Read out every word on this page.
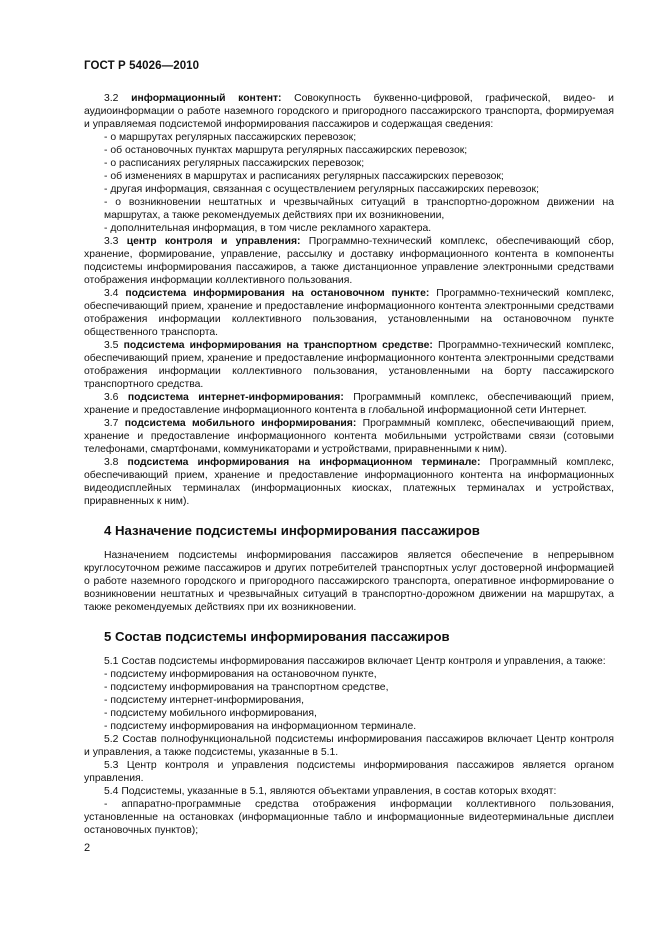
ГОСТ Р 54026—2010

3.2 информационный контент: Совокупность буквенно-цифровой, графической, видео- и аудиоинформации о работе наземного городского и пригородного пассажирского транспорта, формируемая и управляемая подсистемой информирования пассажиров и содержащая сведения:

- о маршрутах регулярных пассажирских перевозок;

- об остановочных пунктах маршрута регулярных пассажирских перевозок;

- о расписаниях регулярных пассажирских перевозок;

- об изменениях в маршрутах и расписаниях регулярных пассажирских перевозок;

- другая информация, связанная с осуществлением регулярных пассажирских перевозок;

- о возникновении нештатных и чрезвычайных ситуаций в транспортно-дорожном движении на маршрутах, а также рекомендуемых действиях при их возникновении,

- дополнительная информация, в том числе рекламного характера.

3.3 центр контроля и управления: Программно-технический комплекс, обеспечивающий сбор, хранение, формирование, управление, рассылку и доставку информационного контента в компоненты подсистемы информирования пассажиров, а также дистанционное управление электронными средствами отображения информации коллективного пользования.

3.4 подсистема информирования на остановочном пункте: Программно-технический комплекс, обеспечивающий прием, хранение и предоставление информационного контента электронными средствами отображения информации коллективного пользования, установленными на остановочном пункте общественного транспорта.

3.5 подсистема информирования на транспортном средстве: Программно-технический комплекс, обеспечивающий прием, хранение и предоставление информационного контента электронными средствами отображения информации коллективного пользования, установленными на борту пассажирского транспортного средства.

3.6 подсистема интернет-информирования: Программный комплекс, обеспечивающий прием, хранение и предоставление информационного контента в глобальной информационной сети Интернет.

3.7 подсистема мобильного информирования: Программный комплекс, обеспечивающий прием, хранение и предоставление информационного контента мобильными устройствами связи (сотовыми телефонами, смартфонами, коммуникаторами и устройствами, приравненными к ним).

3.8 подсистема информирования на информационном терминале: Программный комплекс, обеспечивающий прием, хранение и предоставление информационного контента на информационных видеодисплейных терминалах (информационных киосках, платежных терминалах и устройствах, приравненных к ним).

4 Назначение подсистемы информирования пассажиров

Назначением подсистемы информирования пассажиров является обеспечение в непрерывном круглосуточном режиме пассажиров и других потребителей транспортных услуг достоверной информацией о работе наземного городского и пригородного пассажирского транспорта, оперативное информирование о возникновении нештатных и чрезвычайных ситуаций в транспортно-дорожном движении на маршрутах, а также рекомендуемых действиях при их возникновении.

5 Состав подсистемы информирования пассажиров

5.1 Состав подсистемы информирования пассажиров включает Центр контроля и управления, а также:

- подсистему информирования на остановочном пункте,

- подсистему информирования на транспортном средстве,

- подсистему интернет-информирования,

- подсистему мобильного информирования,

- подсистему информирования на информационном терминале.

5.2 Состав полнофункциональной подсистемы информирования пассажиров включает Центр контроля и управления, а также подсистемы, указанные в 5.1.

5.3 Центр контроля и управления подсистемы информирования пассажиров является органом управления.

5.4 Подсистемы, указанные в 5.1, являются объектами управления, в состав которых входят:

- аппаратно-программные средства отображения информации коллективного пользования, установленные на остановках (информационные табло и информационные видеотерминальные дисплеи остановочных пунктов);

2
